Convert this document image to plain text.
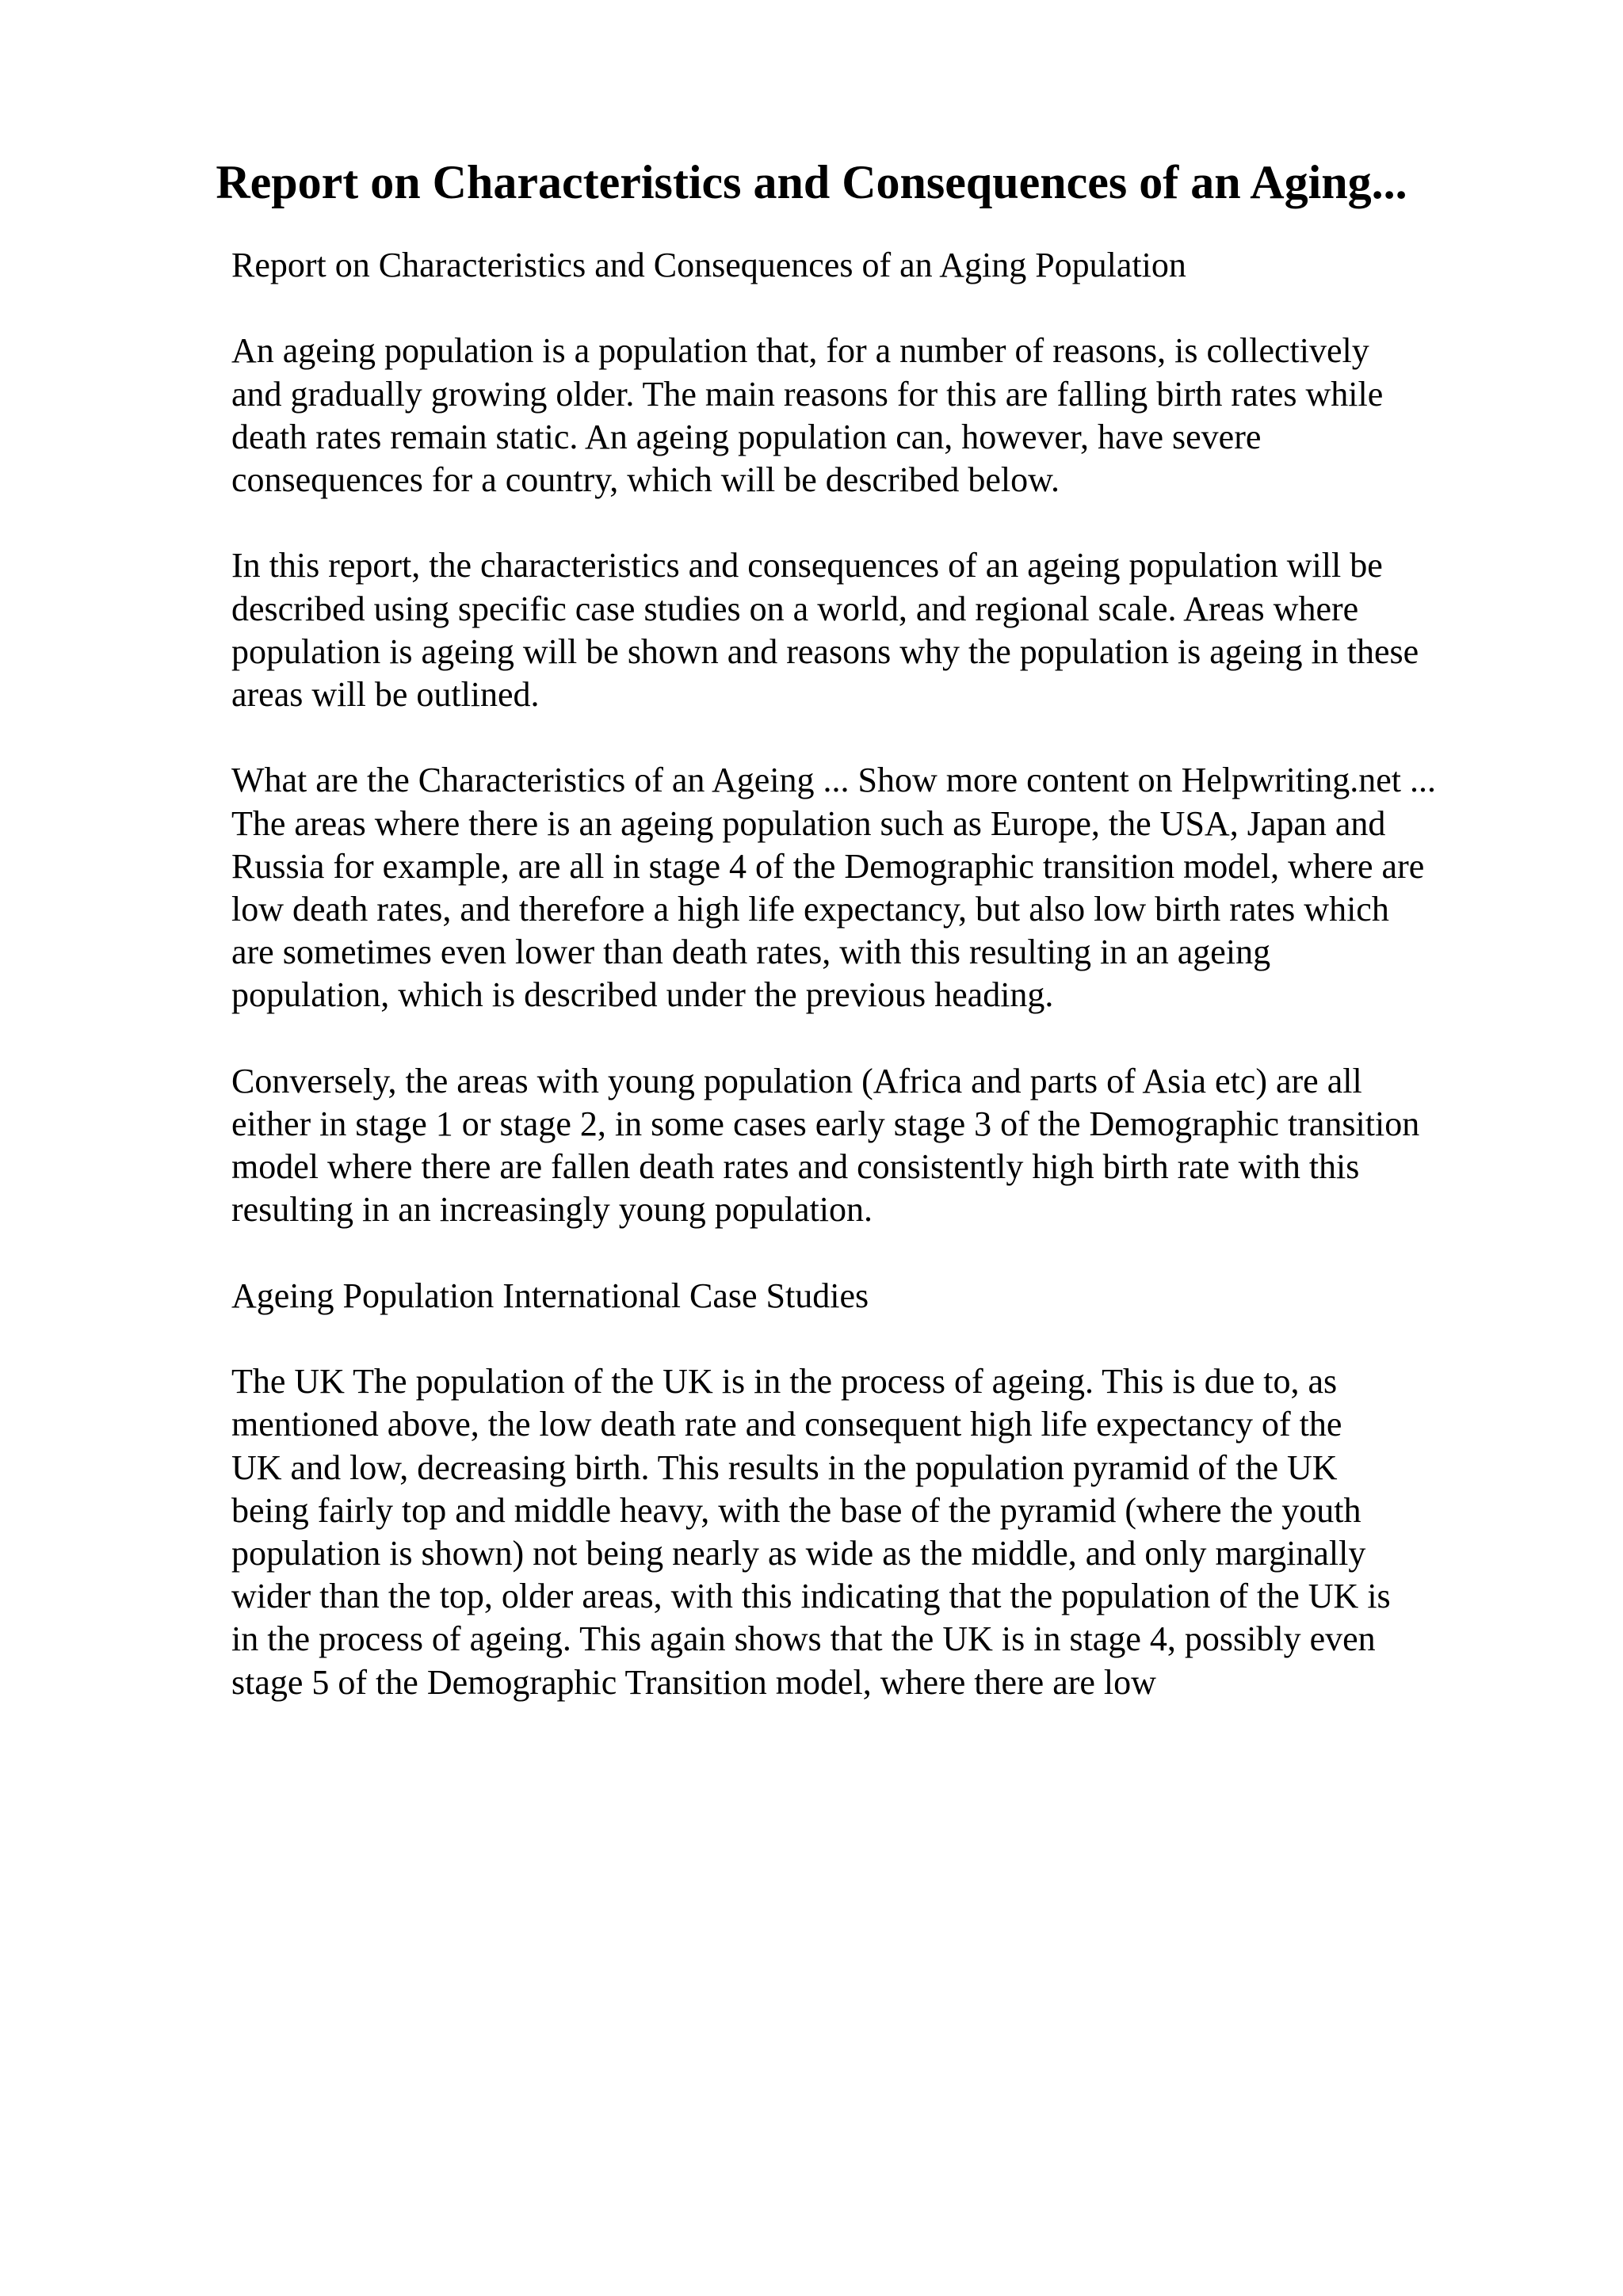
Report on Characteristics and Consequences of an Aging...

Report on Characteristics and Consequences of an Aging Population

An ageing population is a population that, for a number of reasons, is collectively
and gradually growing older. The main reasons for this are falling birth rates while
death rates remain static. An ageing population can, however, have severe
consequences for a country, which will be described below.

In this report, the characteristics and consequences of an ageing population will be
described using specific case studies on a world, and regional scale. Areas where
population is ageing will be shown and reasons why the population is ageing in these
areas will be outlined.

What are the Characteristics of an Ageing ... Show more content on Helpwriting.net ...
The areas where there is an ageing population such as Europe, the USA, Japan and
Russia for example, are all in stage 4 of the Demographic transition model, where are
low death rates, and therefore a high life expectancy, but also low birth rates which
are sometimes even lower than death rates, with this resulting in an ageing
population, which is described under the previous heading.

Conversely, the areas with young population (Africa and parts of Asia etc) are all
either in stage 1 or stage 2, in some cases early stage 3 of the Demographic transition
model where there are fallen death rates and consistently high birth rate with this
resulting in an increasingly young population.

Ageing Population International Case Studies

The UK The population of the UK is in the process of ageing. This is due to, as
mentioned above, the low death rate and consequent high life expectancy of the
UK and low, decreasing birth. This results in the population pyramid of the UK
being fairly top and middle heavy, with the base of the pyramid (where the youth
population is shown) not being nearly as wide as the middle, and only marginally
wider than the top, older areas, with this indicating that the population of the UK is
in the process of ageing. This again shows that the UK is in stage 4, possibly even
stage 5 of the Demographic Transition model, where there are low
